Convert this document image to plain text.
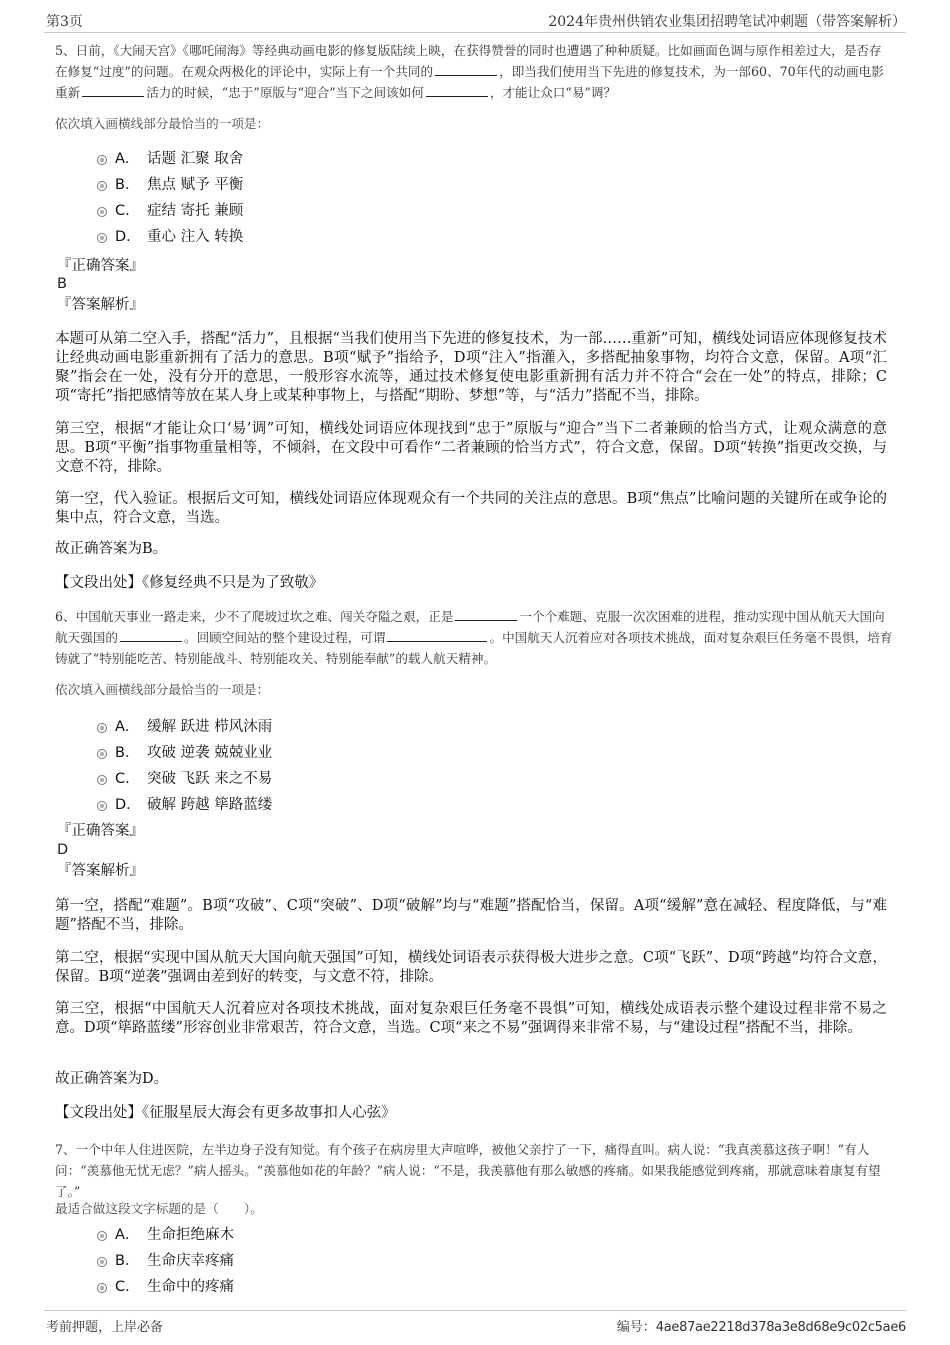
第3页	2024年贵州供销农业集团招聘笔试冲刺题（带答案解析）

5、日前，《大闹天宫》《哪吒闹海》等经典动画电影的修复版陆续上映，在获得赞誉的同时也遭遇了种种质疑。比如画面色调与原作相差过大，是否存在修复“过度”的问题。在观众两极化的评论中，实际上有一个共同的	，即当我们使用当下先进的修复技术，为一部60、70年代的动画电影重新	活力的时候，“忠于”原版与“迎合”当下之间该如何	，才能让众口“易”调？

依次填入画横线部分最恰当的一项是：

A． 话题 汇聚 取舍
B． 焦点 赋予 平衡
C． 症结 寄托 兼顾
D． 重心 注入 转换

『正确答案』

B

『答案解析』

本题可从第二空入手，搭配“活力”，且根据“当我们使用当下先进的修复技术，为一部……重新”可知，横线处词语应体现修复技术让经典动画电影重新拥有了活力的意思。B项“赋予”指给予，D项“注入”指灌入，多搭配抽象事物，均符合文意，保留。A项“汇聚”指会在一处，没有分开的意思，一般形容水流等，通过技术修复使电影重新拥有活力并不符合“会在一处”的特点，排除；C项“寄托”指把感情等放在某人身上或某种事物上，与搭配“期盼、梦想”等，与“活力”搭配不当，排除。

第三空，根据“才能让众口‘易’调”可知，横线处词语应体现找到“忠于”原版与“迎合”当下二者兼顾的恰当方式，让观众满意的意思。B项“平衡”指事物重量相等，不倾斜，在文段中可看作“二者兼顾的恰当方式”，符合文意，保留。D项“转换”指更改交换，与文意不符，排除。

第一空，代入验证。根据后文可知，横线处词语应体现观众有一个共同的关注点的意思。B项“焦点”比喻问题的关键所在或争论的集中点，符合文意，当选。

故正确答案为B。

【文段出处】《修复经典不只是为了致敬》

6、中国航天事业一路走来，少不了爬坡过坎之难、闯关夺隘之艰，正是	一个个难题、克服一次次困难的进程，推动实现中国从航天大国向航天强国的	。回顾空间站的整个建设过程，可谓	。中国航天人沉着应对各项技术挑战，面对复杂艰巨任务毫不畏惧，培育铸就了“特别能吃苦、特别能战斗、特别能攻关、特别能奉献”的载人航天精神。

依次填入画横线部分最恰当的一项是：

A． 缓解 跃进 栉风沐雨
B． 攻破 逆袭 兢兢业业
C． 突破 飞跃 来之不易
D． 破解 跨越 筚路蓝缕

『正确答案』

D

『答案解析』

第一空，搭配“难题”。B项“攻破”、C项“突破”、D项“破解”均与“难题”搭配恰当，保留。A项“缓解”意在减轻、程度降低，与“难题”搭配不当，排除。

第二空，根据“实现中国从航天大国向航天强国”可知，横线处词语表示获得极大进步之意。C项“飞跃”、D项“跨越”均符合文意，保留。B项“逆袭”强调由差到好的转变，与文意不符，排除。

第三空，根据“中国航天人沉着应对各项技术挑战，面对复杂艰巨任务毫不畏惧”可知，横线处成语表示整个建设过程非常不易之意。D项“筚路蓝缕”形容创业非常艰苦，符合文意，当选。C项“来之不易”强调得来非常不易，与“建设过程”搭配不当，排除。

故正确答案为D。

【文段出处】《征服星辰大海会有更多故事扣人心弦》

7、一个中年人住进医院，左半边身子没有知觉。有个孩子在病房里大声喧哗，被他父亲拧了一下，痛得直叫。病人说：“我真羡慕这孩子啊！”有人问：“羡慕他无忧无虑？”病人摇头。“羡慕他如花的年龄？”病人说：“不是，我羡慕他有那么敏感的疼痛。如果我能感觉到疼痛，那就意味着康复有望了。”

最适合做这段文字标题的是（　　）。

A． 生命拒绝麻木
B． 生命庆幸疼痛
C． 生命中的疼痛
考前押题，上岸必备	编号：4ae87ae2218d378a3e8d68e9c02c5ae6
